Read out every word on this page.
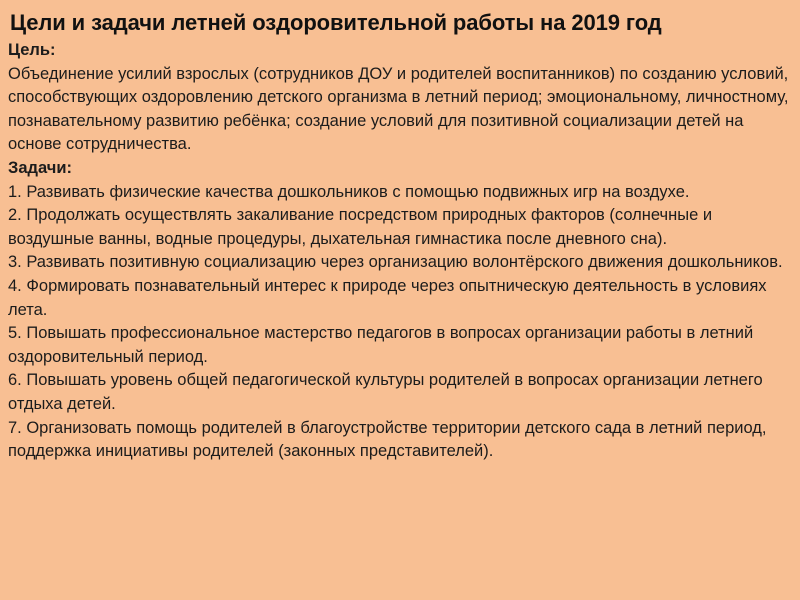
Цели и задачи летней оздоровительной работы на 2019 год
Цель:

Объединение усилий взрослых (сотрудников ДОУ и родителей воспитанников) по созданию условий, способствующих оздоровлению детского организма в летний период; эмоциональному, личностному, познавательному развитию ребёнка; создание условий для позитивной социализации детей на основе сотрудничества.

Задачи:
1. Развивать физические качества дошкольников с помощью подвижных игр на воздухе.
2. Продолжать осуществлять закаливание посредством природных факторов (солнечные и воздушные ванны, водные процедуры, дыхательная гимнастика после дневного сна).
3. Развивать позитивную социализацию через организацию волонтёрского движения дошкольников.
4. Формировать познавательный интерес к природе через опытническую деятельность в условиях лета.
5. Повышать профессиональное мастерство педагогов в вопросах организации работы в летний оздоровительный период.
6. Повышать уровень общей педагогической культуры родителей в вопросах организации летнего отдыха детей.
7. Организовать помощь родителей в благоустройстве территории детского сада в летний период, поддержка инициативы родителей (законных представителей).
